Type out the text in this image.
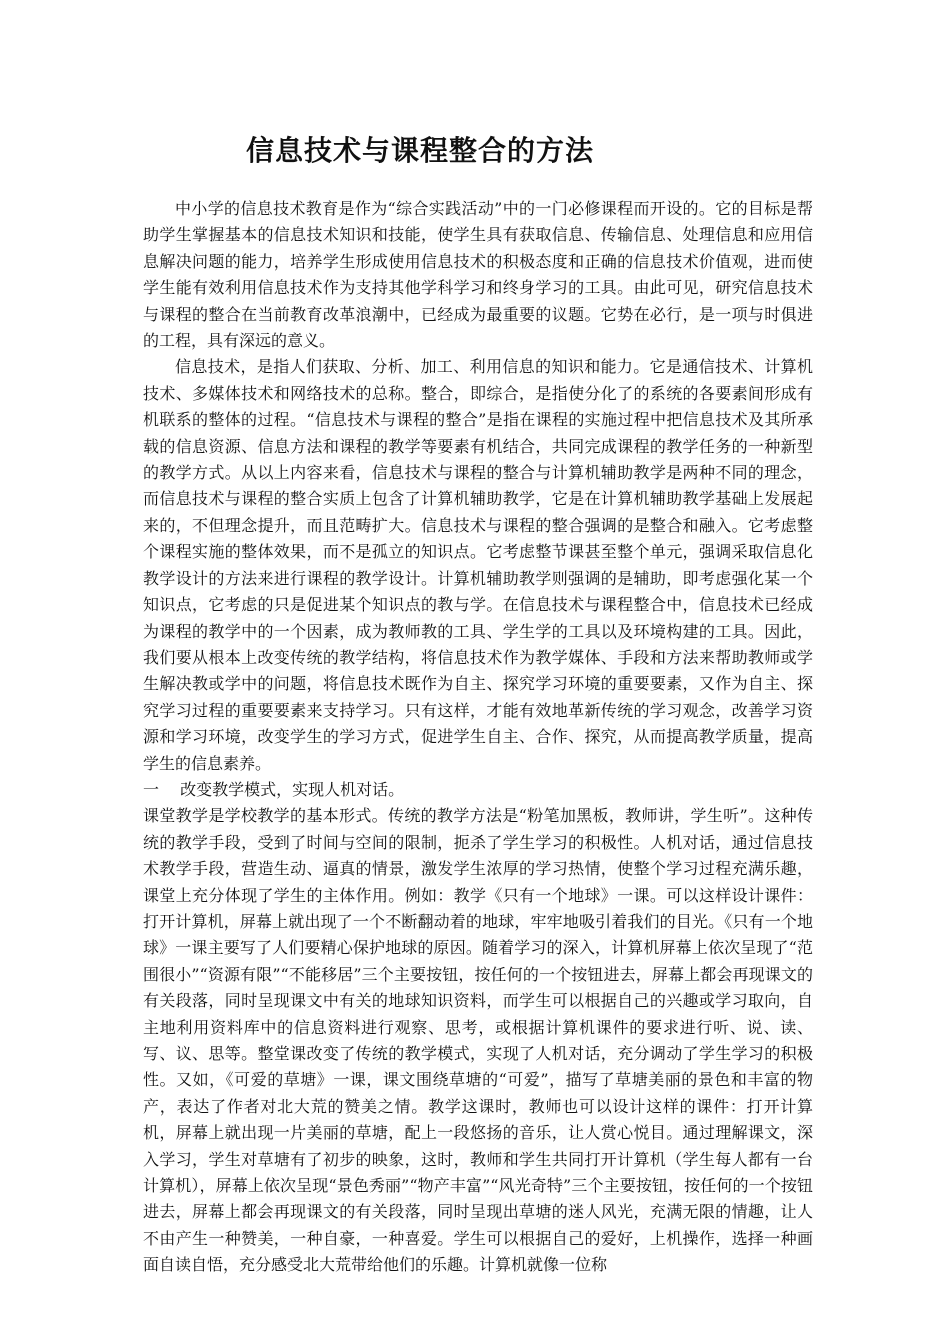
信息技术与课程整合的方法

中小学的信息技术教育是作为“综合实践活动”中的一门必修课程而开设的。它的目标是帮助学生掌握基本的信息技术知识和技能，使学生具有获取信息、传输信息、处理信息和应用信息解决问题的能力，培养学生形成使用信息技术的积极态度和正确的信息技术价值观，进而使学生能有效利用信息技术作为支持其他学科学习和终身学习的工具。由此可见，研究信息技术与课程的整合在当前教育改革浪潮中，已经成为最重要的议题。它势在必行，是一项与时俱进的工程，具有深远的意义。

信息技术，是指人们获取、分析、加工、利用信息的知识和能力。它是通信技术、计算机技术、多媒体技术和网络技术的总称。整合，即综合，是指使分化了的系统的各要素间形成有机联系的整体的过程。“信息技术与课程的整合”是指在课程的实施过程中把信息技术及其所承载的信息资源、信息方法和课程的教学等要素有机结合，共同完成课程的教学任务的一种新型的教学方式。从以上内容来看，信息技术与课程的整合与计算机辅助教学是两种不同的理念，而信息技术与课程的整合实质上包含了计算机辅助教学，它是在计算机辅助教学基础上发展起来的，不但理念提升，而且范畴扩大。信息技术与课程的整合强调的是整合和融入。它考虑整个课程实施的整体效果，而不是孤立的知识点。它考虑整节课甚至整个单元，强调采取信息化教学设计的方法来进行课程的教学设计。计算机辅助教学则强调的是辅助，即考虑强化某一个知识点，它考虑的只是促进某个知识点的教与学。在信息技术与课程整合中，信息技术已经成为课程的教学中的一个因素，成为教师教的工具、学生学的工具以及环境构建的工具。因此，我们要从根本上改变传统的教学结构，将信息技术作为教学媒体、手段和方法来帮助教师或学生解决教或学中的问题，将信息技术既作为自主、探究学习环境的重要要素，又作为自主、探究学习过程的重要要素来支持学习。只有这样，才能有效地革新传统的学习观念，改善学习资源和学习环境，改变学生的学习方式，促进学生自主、合作、探究，从而提高教学质量，提高学生的信息素养。

一　 改变教学模式，实现人机对话。

课堂教学是学校教学的基本形式。传统的教学方法是“粉笔加黑板，教师讲，学生听”。这种传统的教学手段，受到了时间与空间的限制，扼杀了学生学习的积极性。人机对话，通过信息技术教学手段，营造生动、逼真的情景，激发学生浓厚的学习热情，使整个学习过程充满乐趣，课堂上充分体现了学生的主体作用。例如：教学《只有一个地球》一课。可以这样设计课件：打开计算机，屏幕上就出现了一个不断翻动着的地球，牢牢地吸引着我们的目光。《只有一个地球》一课主要写了人们要精心保护地球的原因。随着学习的深入，计算机屏幕上依次呈现了“范围很小”“资源有限”“不能移居”三个主要按钮，按任何的一个按钮进去，屏幕上都会再现课文的有关段落，同时呈现课文中有关的地球知识资料，而学生可以根据自己的兴趣或学习取向，自主地利用资料库中的信息资料进行观察、思考，或根据计算机课件的要求进行听、说、读、写、议、思等。整堂课改变了传统的教学模式，实现了人机对话，充分调动了学生学习的积极性。又如，《可爱的草塘》一课，课文围绕草塘的“可爱”，描写了草塘美丽的景色和丰富的物产，表达了作者对北大荒的赞美之情。教学这课时，教师也可以设计这样的课件：打开计算机，屏幕上就出现一片美丽的草塘，配上一段悠扬的音乐，让人赏心悦目。通过理解课文，深入学习，学生对草塘有了初步的映象，这时，教师和学生共同打开计算机（学生每人都有一台计算机），屏幕上依次呈现“景色秀丽”“物产丰富”“风光奇特”三个主要按钮，按任何的一个按钮进去，屏幕上都会再现课文的有关段落，同时呈现出草塘的迷人风光，充满无限的情趣，让人不由产生一种赞美，一种自豪，一种喜爱。学生可以根据自己的爱好，上机操作，选择一种画面自读自悟，充分感受北大荒带给他们的乐趣。计算机就像一位称
